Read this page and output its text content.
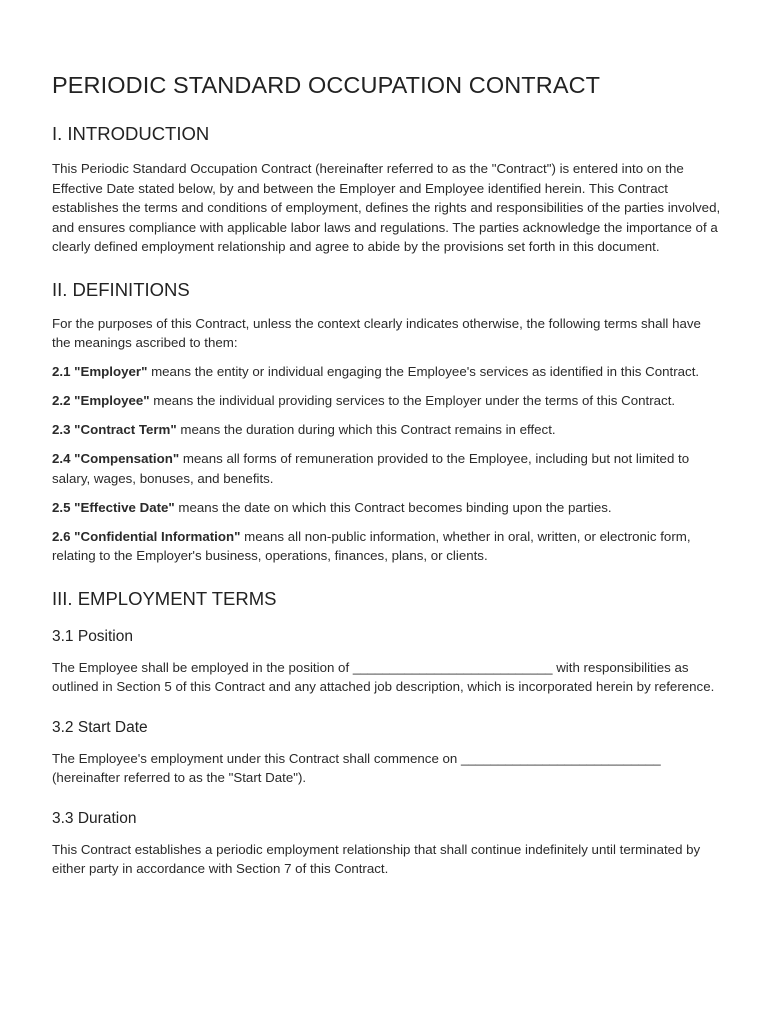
PERIODIC STANDARD OCCUPATION CONTRACT
I. INTRODUCTION

This Periodic Standard Occupation Contract (hereinafter referred to as the "Contract") is entered into on the Effective Date stated below, by and between the Employer and Employee identified herein. This Contract establishes the terms and conditions of employment, defines the rights and responsibilities of the parties involved, and ensures compliance with applicable labor laws and regulations. The parties acknowledge the importance of a clearly defined employment relationship and agree to abide by the provisions set forth in this document.

II. DEFINITIONS

For the purposes of this Contract, unless the context clearly indicates otherwise, the following terms shall have the meanings ascribed to them:

2.1 "Employer" means the entity or individual engaging the Employee's services as identified in this Contract.

2.2 "Employee" means the individual providing services to the Employer under the terms of this Contract.

2.3 "Contract Term" means the duration during which this Contract remains in effect.

2.4 "Compensation" means all forms of remuneration provided to the Employee, including but not limited to salary, wages, bonuses, and benefits.

2.5 "Effective Date" means the date on which this Contract becomes binding upon the parties.

2.6 "Confidential Information" means all non-public information, whether in oral, written, or electronic form, relating to the Employer's business, operations, finances, plans, or clients.

III. EMPLOYMENT TERMS
3.1 Position

The Employee shall be employed in the position of ___________________________ with responsibilities as outlined in Section 5 of this Contract and any attached job description, which is incorporated herein by reference.

3.2 Start Date

The Employee's employment under this Contract shall commence on ___________________________ (hereinafter referred to as the "Start Date").

3.3 Duration

This Contract establishes a periodic employment relationship that shall continue indefinitely until terminated by either party in accordance with Section 7 of this Contract.
